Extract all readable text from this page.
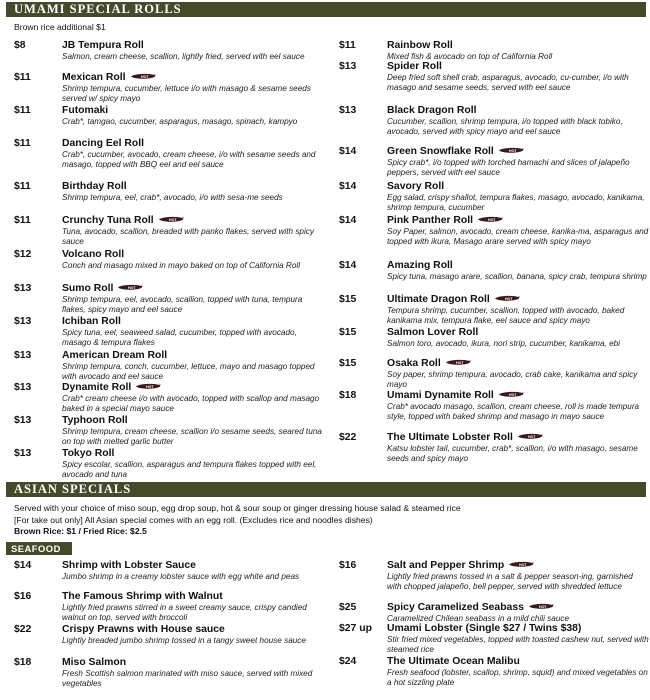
UMAMI SPECIAL ROLLS
Brown rice additional $1
$8	JB Tempura Roll
Salmon, cream cheese, scallion, lightly fried, served with eel sauce
$11	Mexican Roll	HOT
Shrimp tempura, cucumber, lettuce i/o with masago & sesame seeds served w/ spicy mayo
$11	Futomaki
Crab*, tamgao, cucumber, asparagus, masago, spinach, kampyo
$11	Dancing Eel Roll
Crab*, cucumber, avocado, cream cheese, i/o with sesame seeds and masago, topped with BBQ eel and eel sauce
$11	Birthday Roll
Shrimp tempura, eel, crab*, avocado, i/o with sesa-me seeds
$11	Crunchy Tuna Roll	HOT
Tuna, avocado, scallion, breaded with panko flakes, served with spicy sauce
$12	Volcano Roll
Conch and masago mixed in mayo baked on top of California Roll
$13	Sumo Roll	HOT
Shrimp tempura, eel, avocado, scallion, topped with tuna, tempura flakes, spicy mayo and eel sauce
$13	Ichiban Roll
Spicy tuna, eel, seaweed salad, cucumber, topped with avocado, masago & tempura flakes
$13	American Dream Roll
Shrimp tempura, conch, cucumber, lettuce, mayo and masago topped with avocado and eel sauce
$13	Dynamite Roll	HOT
Crab* cream cheese i/o with avocado, topped with scallop and masago baked in a special mayo sauce
$13	Typhoon Roll
Shrimp tempura, cream cheese, scallion i/o sesame seeds, seared tuna on top with melted garlic butter
$13	Tokyo Roll
Spicy escolar, scallion, asparagus and tempura flakes topped with eel, avocado and tuna
$11	Rainbow Roll
Mixed fish & avocado on top of California Roll
$13	Spider Roll
Deep fried soft shell crab, asparagus, avocado, cu-cumber, i/o with masago and sesame seeds, served with eel sauce
$13	Black Dragon Roll
Cucumber, scallion, shrimp tempura, i/o topped with black tobiko, avocado, served with spicy mayo and eel sauce
$14	Green Snowflake Roll	HOT
Spicy crab*, i/o topped with torched hamachi and slices of jalapeño peppers, served with eel sauce
$14	Savory Roll
Egg salad, crispy shallot, tempura flakes, masago, avocado, kanikama, shrimp tempura, cucumber
$14	Pink Panther Roll	HOT
Soy Paper, salmon, avocado, cream cheese, kanika-ma, asparagus and topped with ikura, Masago arare served with spicy mayo
$14	Amazing Roll
Spicy tuna, masago arare, scallion, banana, spicy crab, tempura shrimp
$15	Ultimate Dragon Roll	HOT
Tempura shrimp, cucumber, scallion, topped with avocado, baked kanikama mix, tempura flake, eel sauce and spicy mayo
$15	Salmon Lover Roll
Salmon toro, avocado, ikura, nori strip, cucumber, kanikama, ebi
$15	Osaka Roll	HOT
Soy paper, shrimp tempura, avocado, crab cake, kanikama and spicy mayo
$18	Umami Dynamite Roll	HOT
Crab* avocado masago, scallion, cream cheese, roll is made tempura style, topped with baked shrimp and masago in mayo sauce
$22	The Ultimate Lobster Roll	HOT
Katsu lobster tail, cucumber, crab*, scallion, i/o with masago, sesame seeds and spicy mayo
ASIAN SPECIALS
Served with your choice of miso soup, egg drop soup, hot & sour soup or ginger dressing house salad & steamed rice
[For take out only] All Asian special comes with an egg roll. (Excludes rice and noodles dishes)
Brown Rice: $1 / Fried Rice: $2.5
SEAFOOD
$14	Shrimp with Lobster Sauce
Jumbo shrimp in a creamy lobster sauce with egg white and peas
$16	The Famous Shrimp with Walnut
Lightly fried prawns stirred in a sweet creamy sauce, crispy candied walnut on top, served with broccoli
$22	Crispy Prawns with House sauce
Lightly breaded jumbo shrimp tossed in a tangy sweet house sauce
$18	Miso Salmon
Fresh Scottish salmon marinated with miso sauce, served with mixed vegetables
$16	Salt and Pepper Shrimp	HOT
Lightly fried prawns tossed in a salt & pepper season-ing, garnished with chopped jalapeño, bell pepper, served with shredded lettuce
$25	Spicy Caramelized Seabass	HOT
Caramelized Chilean seabass in a mild chili sauce
$27 up	Umami Lobster (Single $27 / Twins $38)
Stir fried mixed vegetables, topped with toasted cashew nut, served with steamed rice
$24	The Ultimate Ocean Malibu
Fresh seafood (lobster, scallop, shrimp, squid) and mixed vegetables on a hot sizzling plate
